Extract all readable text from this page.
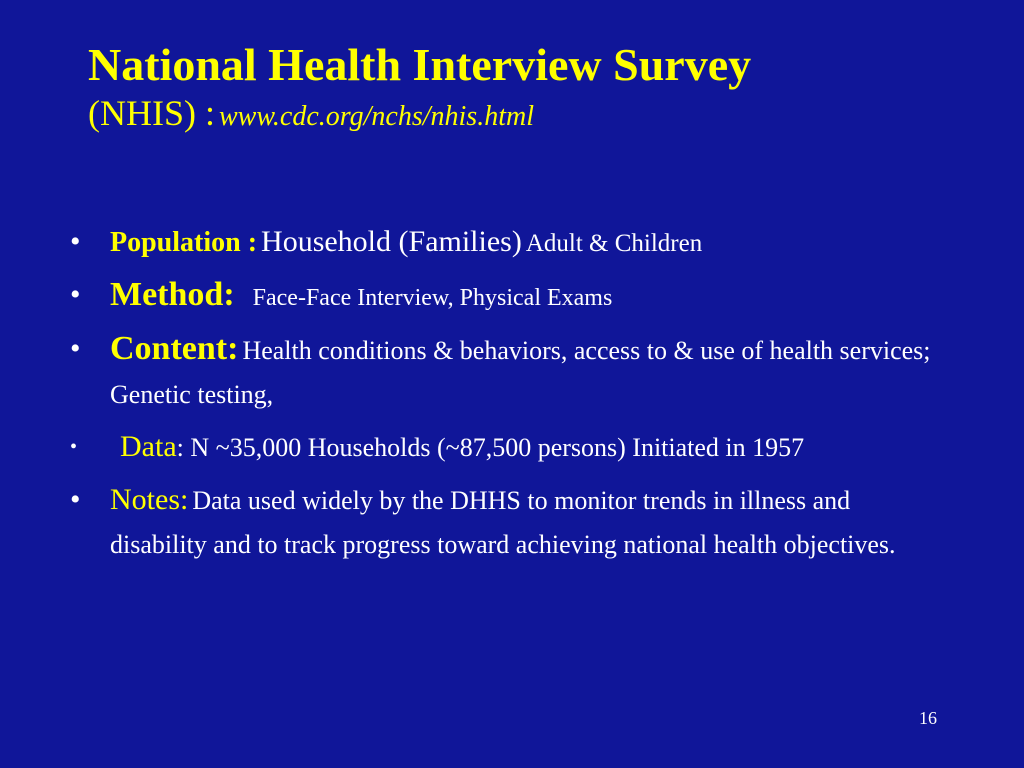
National Health Interview Survey
(NHIS) : www.cdc.org/nchs/nhis.html
• Population : Household (Families) Adult & Children
• Method: Face-Face Interview, Physical Exams
• Content: Health conditions & behaviors, access to & use of health services; Genetic testing,
• Data: N ~35,000 Households (~87,500 persons) Initiated in 1957
• Notes: Data used widely by the DHHS to monitor trends in illness and disability and to track progress toward achieving national health objectives.
16
